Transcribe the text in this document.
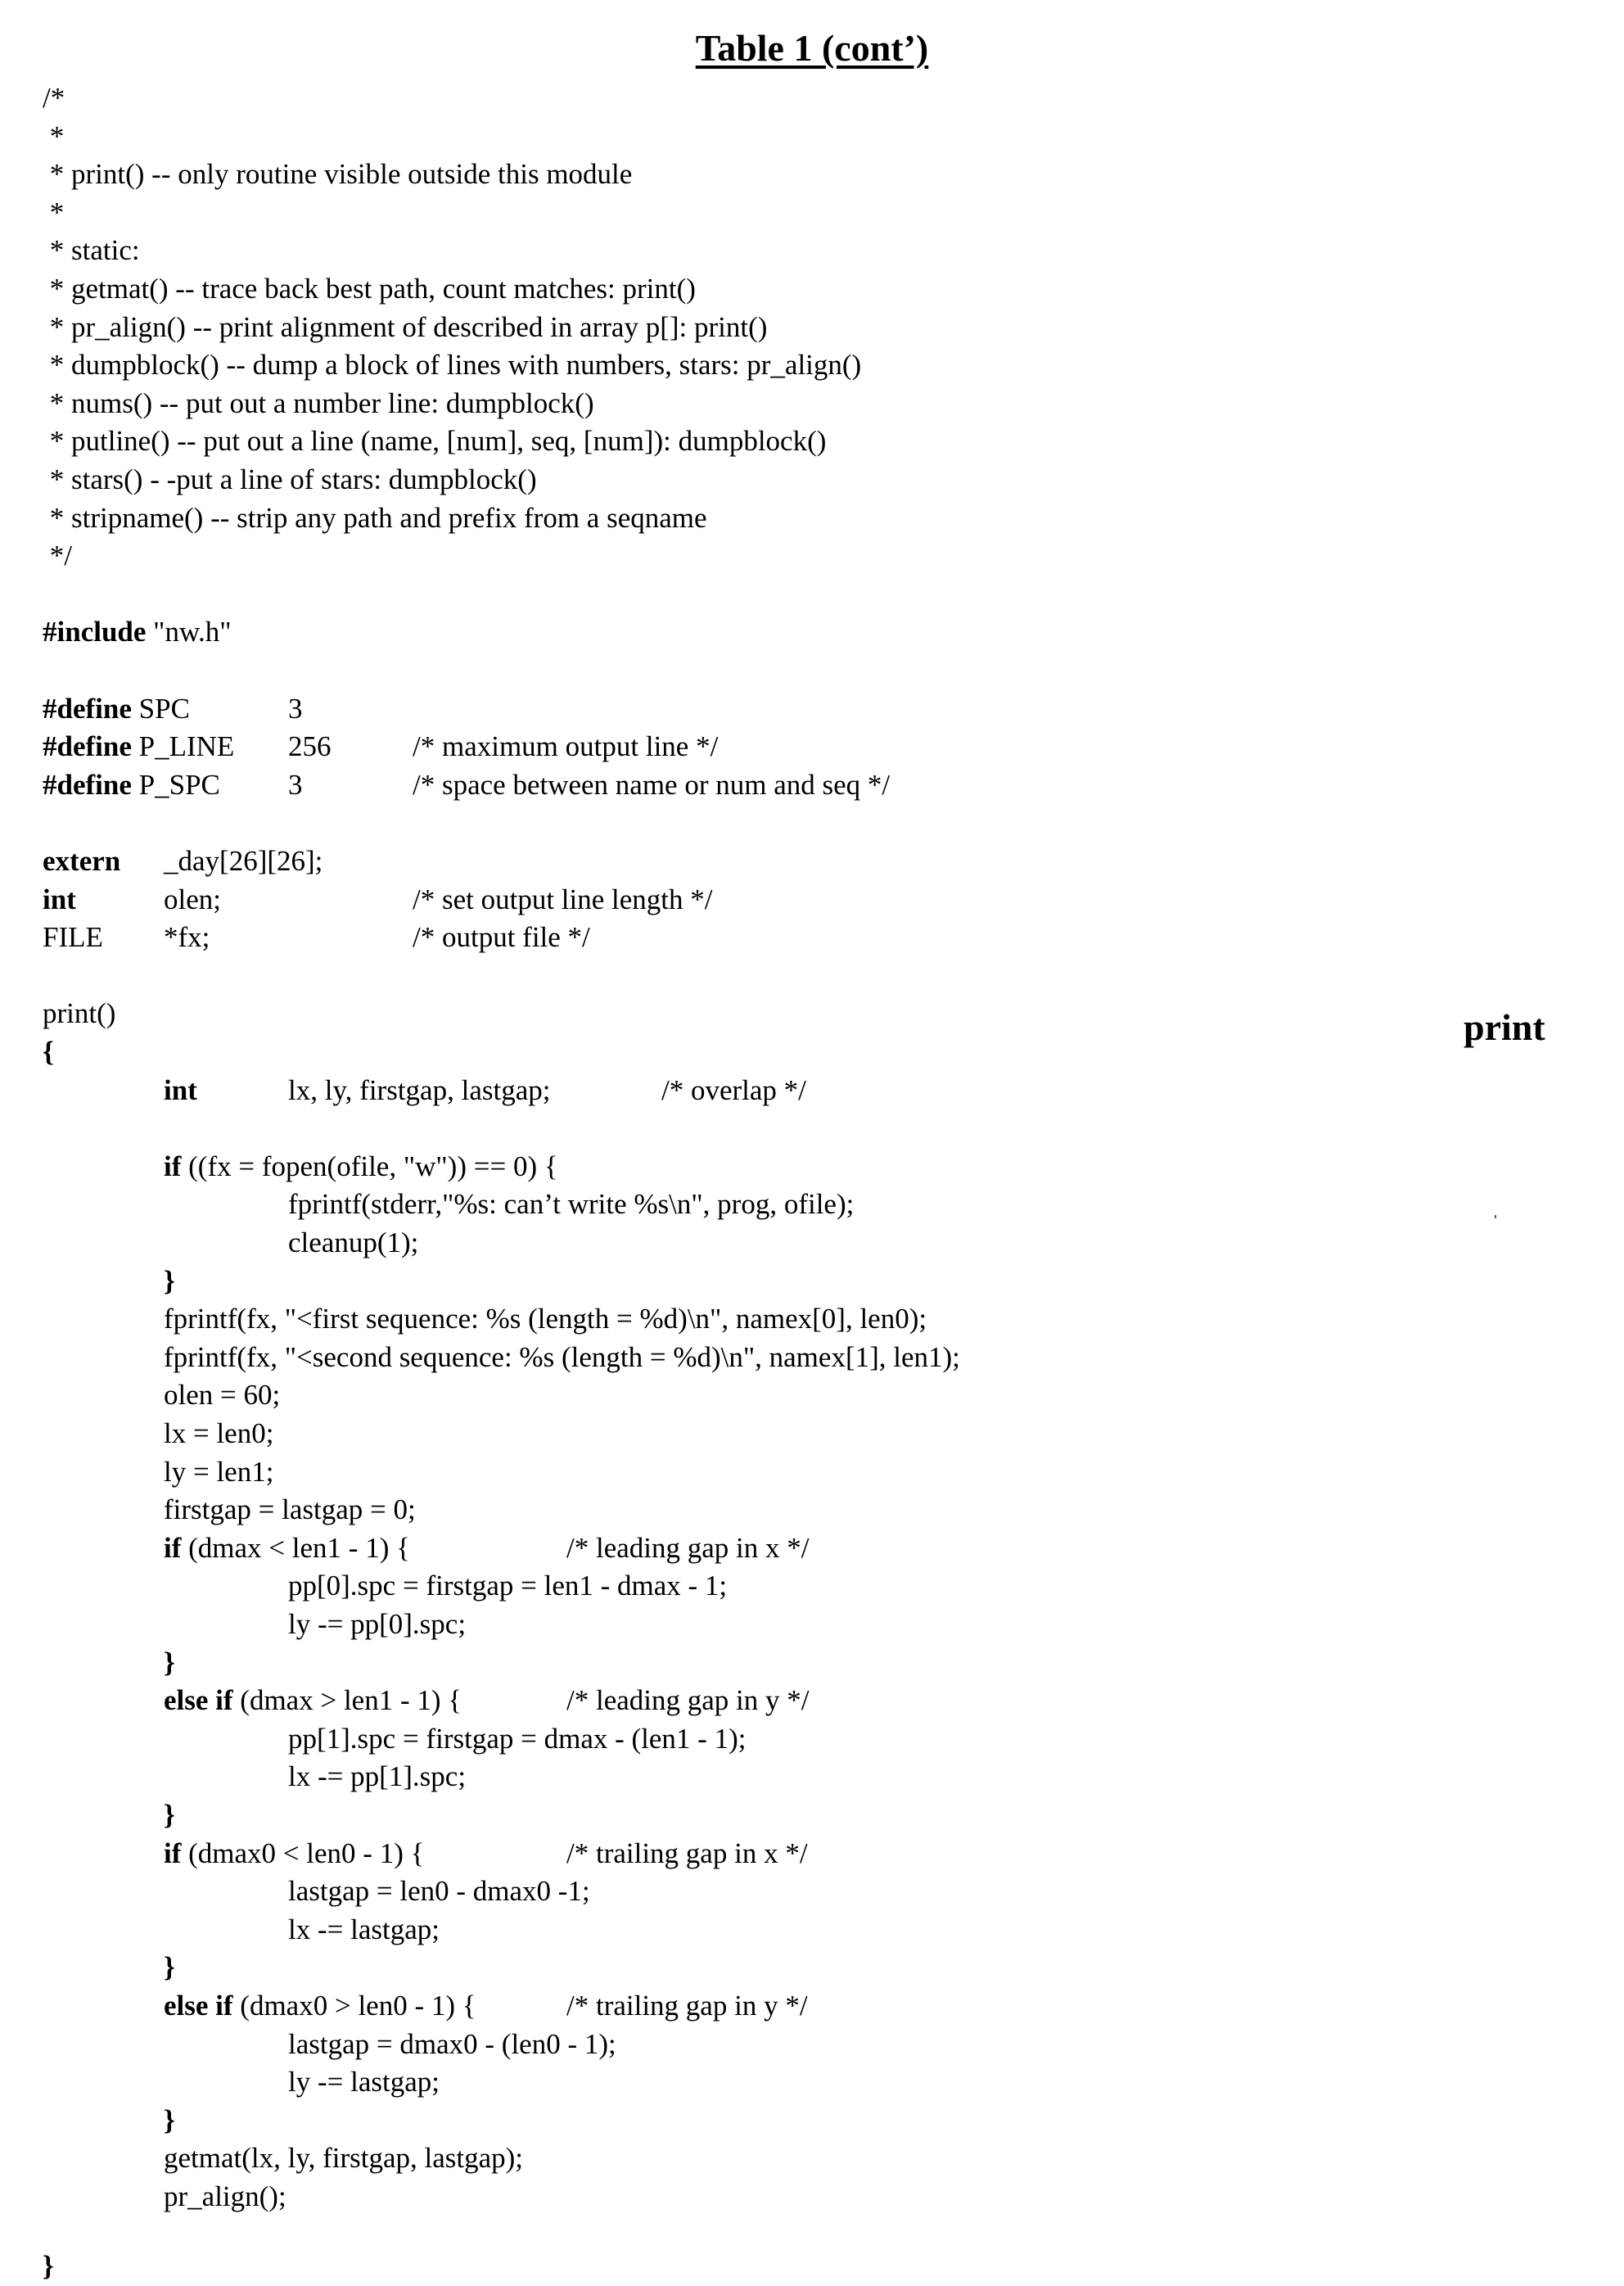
Table 1 (cont’)
print
/*
*
* print() -- only routine visible outside this module
*
* static:
* getmat() -- trace back best path, count matches: print()
* pr_align() -- print alignment of described in array p[]: print()
* dumpblock() -- dump a block of lines with numbers, stars: pr_align()
* nums() -- put out a number line: dumpblock()
* putline() -- put out a line (name, [num], seq, [num]): dumpblock()
* stars() - -put a line of stars: dumpblock()
* stripname() -- strip any path and prefix from a seqname
*/
#include "nw.h"
#define SPC	3
#define P_LINE 256	/* maximum output line */
#define P_SPC 3	/* space between name or num and seq */
extern _day[26][26];
int	olen;	/* set output line length */
FILE *fx;	/* output file */
print()
{
int	lx, ly, firstgap, lastgap;	/* overlap */
if ((fx = fopen(ofile, "w")) == 0) {
fprintf(stderr,"%s: can’t write %s\n", prog, ofile);
cleanup(1);
}
fprintf(fx, "<first sequence: %s (length = %d)\n", namex[0], len0);
fprintf(fx, "<second sequence: %s (length = %d)\n", namex[1], len1);
olen = 60;
lx = len0;
ly = len1;
firstgap = lastgap = 0;
if (dmax < len1 - 1) {	/* leading gap in x */
pp[0].spc = firstgap = len1 - dmax - 1;
ly -= pp[0].spc;
}
else if (dmax > len1 - 1) {	/* leading gap in y */
pp[1].spc = firstgap = dmax - (len1 - 1);
lx -= pp[1].spc;
}
if (dmax0 < len0 - 1) {	/* trailing gap in x */
lastgap = len0 - dmax0 -1;
lx -= lastgap;
}
else if (dmax0 > len0 - 1) {	/* trailing gap in y */
lastgap = dmax0 - (len0 - 1);
ly -= lastgap;
}
getmat(lx, ly, firstgap, lastgap);
pr_align();
}
